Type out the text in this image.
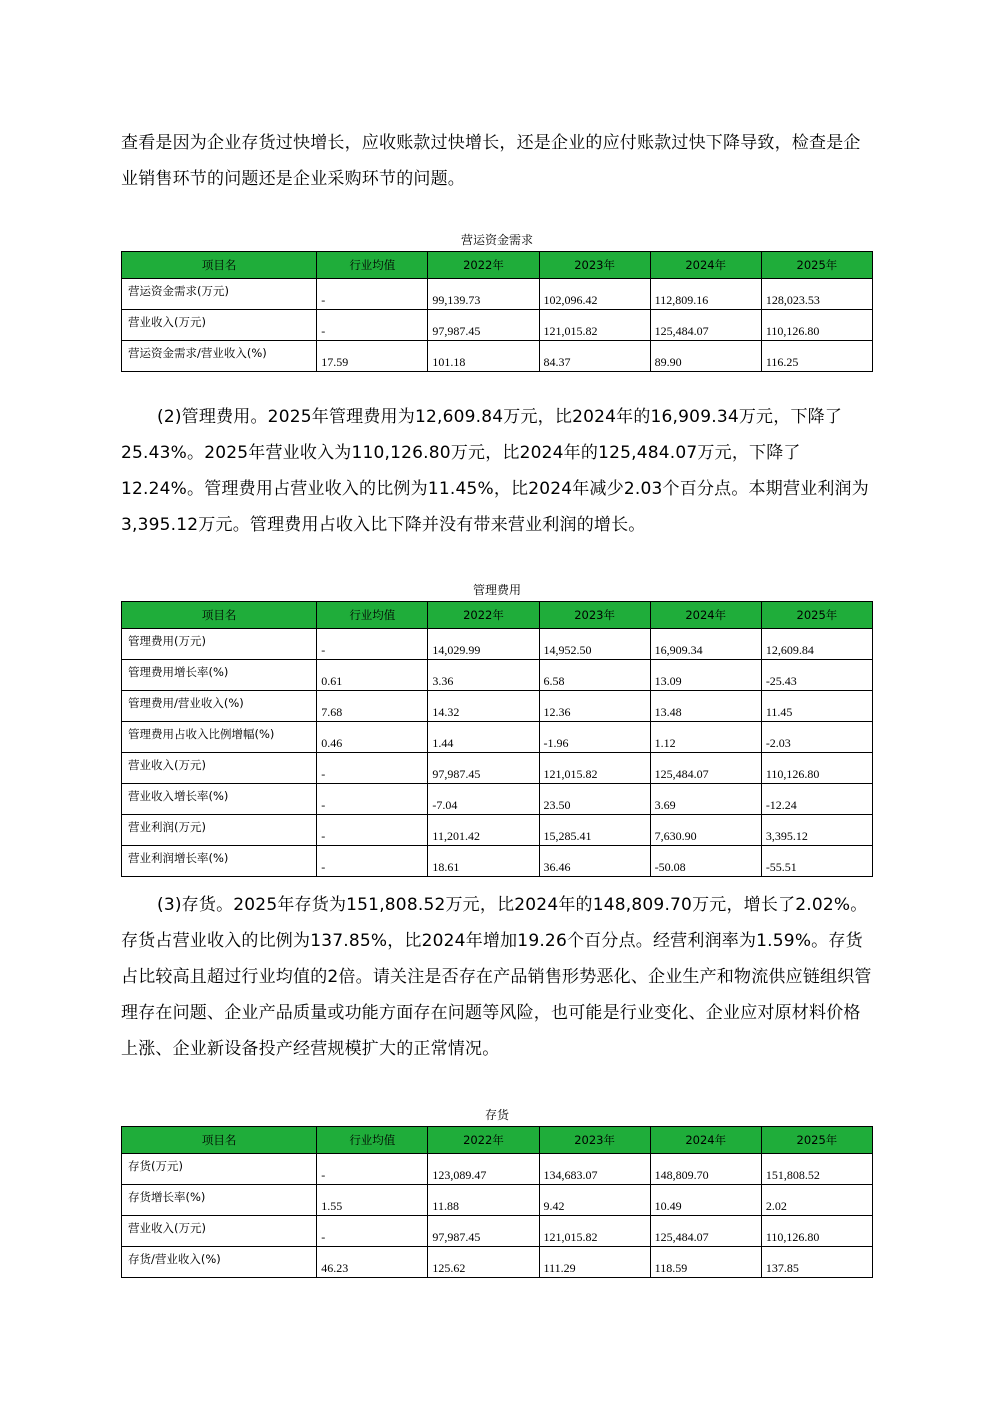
查看是因为企业存货过快增长，应收账款过快增长，还是企业的应付账款过快下降导致，检查是企业销售环节的问题还是企业采购环节的问题。
营运资金需求
项目名	行业均值	2022年	2023年	2024年	2025年
营运资金需求(万元)	-	99,139.73	102,096.42	112,809.16	128,023.53

营业收入(万元)	-	97,987.45	121,015.82	125,484.07	110,126.80

营运资金需求/营业收入(%)	17.59	101.18	84.37	89.90	116.25
(2)管理费用。2025年管理费用为12,609.84万元，比2024年的16,909.34万元，下降了25.43%。2025年营业收入为110,126.80万元，比2024年的125,484.07万元，下降了12.24%。管理费用占营业收入的比例为11.45%，比2024年减少2.03个百分点。本期营业利润为3,395.12万元。管理费用占收入比下降并没有带来营业利润的增长。
管理费用
项目名	行业均值	2022年	2023年	2024年	2025年
管理费用(万元)	-	14,029.99	14,952.50	16,909.34	12,609.84

管理费用增长率(%)	0.61	3.36	6.58	13.09	-25.43

管理费用/营业收入(%)	7.68	14.32	12.36	13.48	11.45

管理费用占收入比例增幅(%)	0.46	1.44	-1.96	1.12	-2.03

营业收入(万元)	-	97,987.45	121,015.82	125,484.07	110,126.80

营业收入增长率(%)	-	-7.04	23.50	3.69	-12.24

营业利润(万元)	-	11,201.42	15,285.41	7,630.90	3,395.12

营业利润增长率(%)	-	18.61	36.46	-50.08	-55.51
(3)存货。2025年存货为151,808.52万元，比2024年的148,809.70万元，增长了2.02%。存货占营业收入的比例为137.85%，比2024年增加19.26个百分点。经营利润率为1.59%。存货占比较高且超过行业均值的2倍。请关注是否存在产品销售形势恶化、企业生产和物流供应链组织管理存在问题、企业产品质量或功能方面存在问题等风险，也可能是行业变化、企业应对原材料价格上涨、企业新设备投产经营规模扩大的正常情况。
存货
项目名	行业均值	2022年	2023年	2024年	2025年
存货(万元)	-	123,089.47	134,683.07	148,809.70	151,808.52

存货增长率(%)	1.55	11.88	9.42	10.49	2.02

营业收入(万元)	-	97,987.45	121,015.82	125,484.07	110,126.80

存货/营业收入(%)	46.23	125.62	111.29	118.59	137.85
